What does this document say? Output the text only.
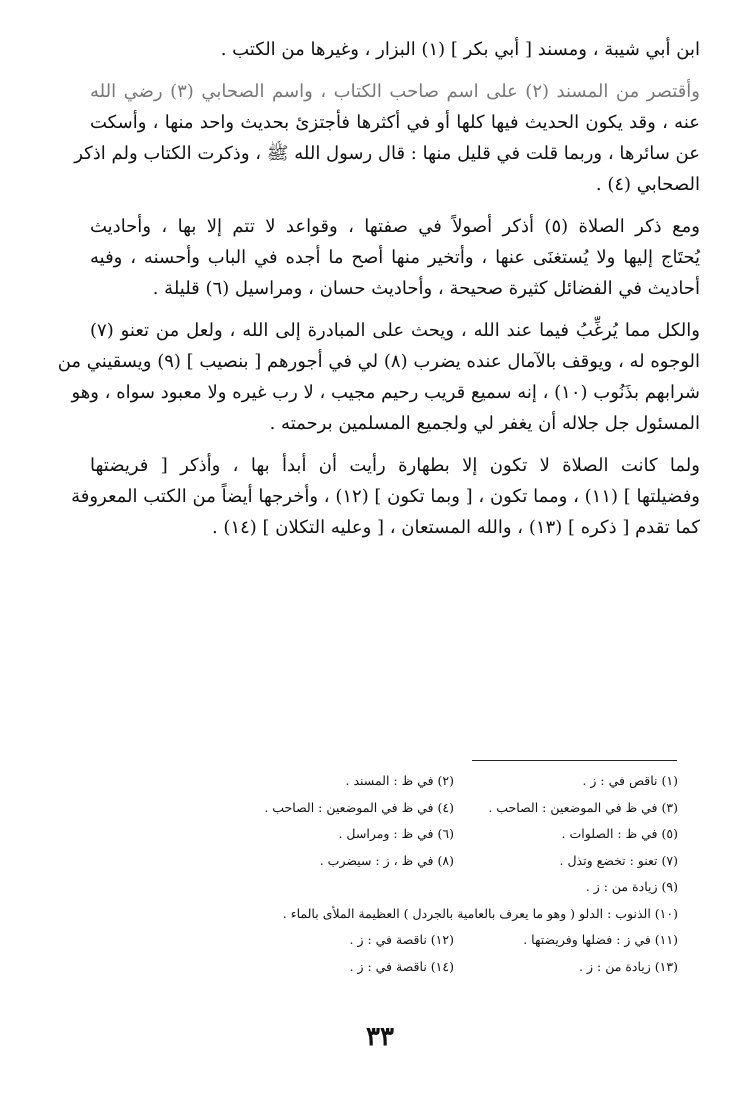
ابن أبي شيبة ، ومسند [ أبي بكر ] (١) البزار ، وغيرها من الكتب .
وأقتصر من المسند (٢) على اسم صاحب الكتاب ، واسم الصحابي (٣) رضي الله
عنه ، وقد يكون الحديث فيها كلها أو في أكثرها فأجتزئ بحديث واحد منها ، وأسكت
عن سائرها ، وربما قلت في قليل منها : قال رسول الله ﷺ ، وذكرت الكتاب ولم اذكر
الصحابي (٤) .
ومع ذكر الصلاة (٥) أذكر أصولاً في صفتها ، وقواعد لا تتم إلا بها ، وأحاديث
يُحتَاج إليها ولا يُستغنَى عنها ، وأتخير منها أصح ما أجده في الباب وأحسنه ، وفيه
أحاديث في الفضائل كثيرة صحيحة ، وأحاديث حسان ، ومراسيل (٦) قليلة .
والكل مما يُرغِّبُ فيما عند الله ، ويحث على المبادرة إلى الله ، ولعل من تعنو (٧)
الوجوه له ، ويوقف بالآمال عنده يضرب (٨) لي في أجورهم [ بنصيب ] (٩) ويسقيني من
شرابهم بذَنُوب (١٠) ، إنه سميع قريب رحيم مجيب ، لا رب غيره ولا معبود سواه ، وهو
المسئول جل جلاله أن يغفر لي ولجميع المسلمين برحمته .
ولما كانت الصلاة لا تكون إلا بطهارة رأيت أن أبدأ بها ، وأذكر [ فريضتها
وفضيلتها ] (١١) ، ومما تكون ، [ وبما تكون ] (١٢) ، وأخرجها أيضاً من الكتب المعروفة
كما تقدم [ ذكره ] (١٣) ، والله المستعان ، [ وعليه التكلان ] (١٤) .
(١) ناقص في : ز .
(٢) في ظ : المسند .
(٣) في ظ في الموضعين : الصاحب .
(٤) في ظ في الموضعين : الصاحب .
(٥) في ظ : الصلوات .
(٦) في ظ : ومراسل .
(٧) تعنو : تخضع وتذل .
(٨) في ظ ، ز : سيضرب .
(٩) زيادة من : ز .
(١٠) الذنوب : الدلو ( وهو ما يعرف بالعامية بالجردل ) العظيمة الملأى بالماء .
(١١) في ز : فضلها وفريضتها .
(١٢) ناقصة في : ز .
(١٣) زيادة من : ز .
(١٤) ناقصة في : ز .
٣٣
